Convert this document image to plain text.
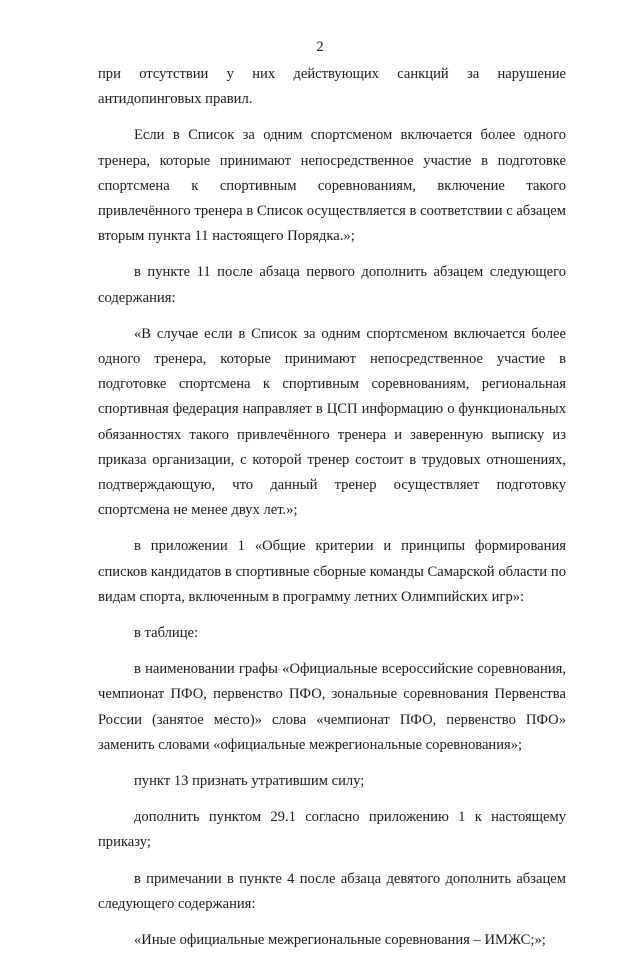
2

при отсутствии у них действующих санкций за нарушение антидопинговых правил.

Если в Список за одним спортсменом включается более одного тренера, которые принимают непосредственное участие в подготовке спортсмена к спортивным соревнованиям, включение такого привлечённого тренера в Список осуществляется в соответствии с абзацем вторым пункта 11 настоящего Порядка.»;

в пункте 11 после абзаца первого дополнить абзацем следующего содержания:

«В случае если в Список за одним спортсменом включается более одного тренера, которые принимают непосредственное участие в подготовке спортсмена к спортивным соревнованиям, региональная спортивная федерация направляет в ЦСП информацию о функциональных обязанностях такого привлечённого тренера и заверенную выписку из приказа организации, с которой тренер состоит в трудовых отношениях, подтверждающую, что данный тренер осуществляет подготовку спортсмена не менее двух лет.»;

в приложении 1 «Общие критерии и принципы формирования списков кандидатов в спортивные сборные команды Самарской области по видам спорта, включенным в программу летних Олимпийских игр»:

в таблице:

в наименовании графы «Официальные всероссийские соревнования, чемпионат ПФО, первенство ПФО, зональные соревнования Первенства России (занятое место)» слова «чемпионат ПФО, первенство ПФО» заменить словами «официальные межрегиональные соревнования»;

пункт 13 признать утратившим силу;

дополнить пунктом 29.1 согласно приложению 1 к настоящему приказу;

в примечании в пункте 4 после абзаца девятого дополнить абзацем следующего содержания:

«Иные официальные межрегиональные соревнования – ИМЖС;»;
